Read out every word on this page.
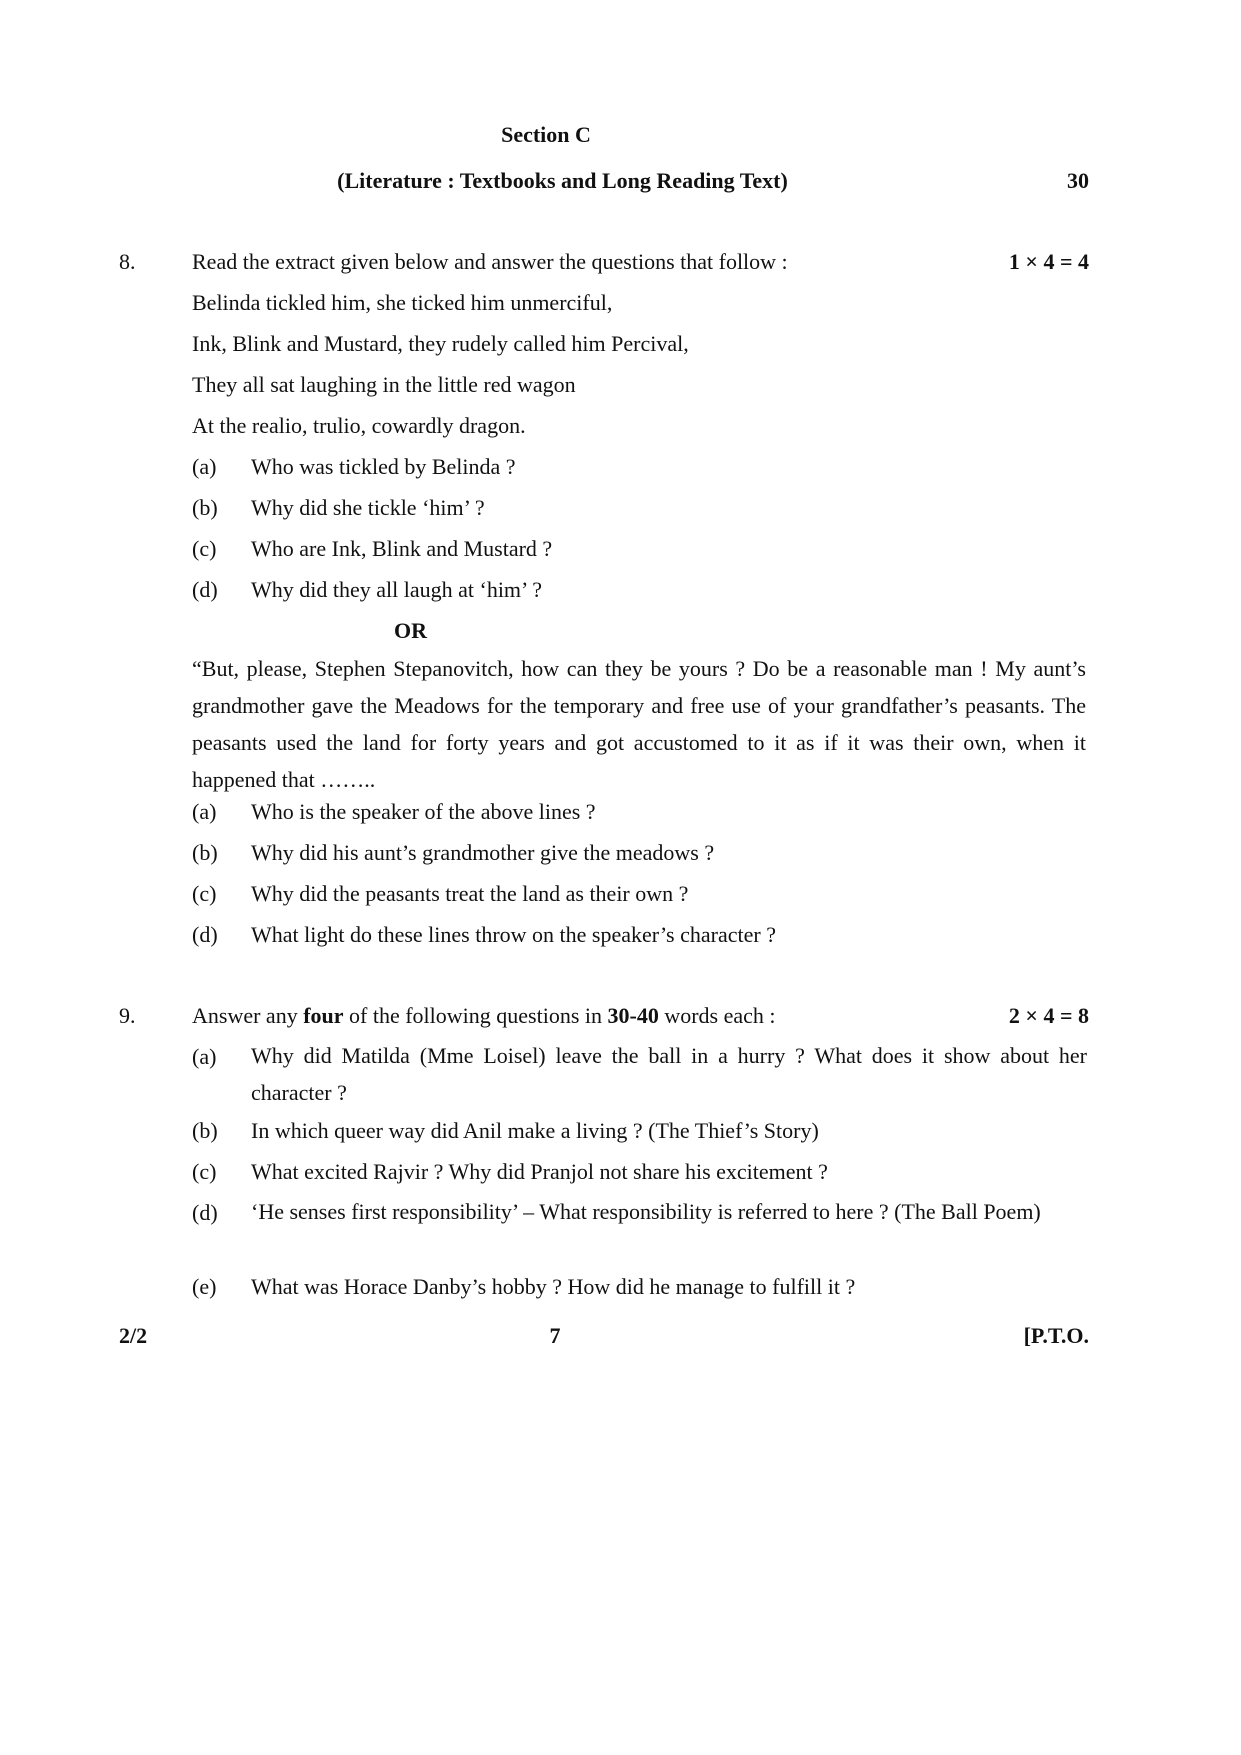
Section C
(Literature : Textbooks and Long Reading Text)	30
8.	Read the extract given below and answer the questions that follow :	1 × 4 = 4
Belinda tickled him, she ticked him unmerciful,
Ink, Blink and Mustard, they rudely called him Percival,
They all sat laughing in the little red wagon
At the realio, trulio, cowardly dragon.
(a) Who was tickled by Belinda ?
(b) Why did she tickle ‘him’ ?
(c) Who are Ink, Blink and Mustard ?
(d) Why did they all laugh at ‘him’ ?
OR
“But, please, Stephen Stepanovitch, how can they be yours ? Do be a reasonable man ! My aunt’s grandmother gave the Meadows for the temporary and free use of your grandfather’s peasants. The peasants used the land for forty years and got accustomed to it as if it was their own, when it happened that ……..
(a) Who is the speaker of the above lines ?
(b) Why did his aunt’s grandmother give the meadows ?
(c) Why did the peasants treat the land as their own ?
(d) What light do these lines throw on the speaker’s character ?
9.	Answer any four of the following questions in 30-40 words each :	2 × 4 = 8
(a) Why did Matilda (Mme Loisel) leave the ball in a hurry ? What does it show about her character ?
(b) In which queer way did Anil make a living ? (The Thief’s Story)
(c) What excited Rajvir ? Why did Pranjol not share his excitement ?
(d) ‘He senses first responsibility’ – What responsibility is referred to here ? (The Ball Poem)
(e) What was Horace Danby’s hobby ? How did he manage to fulfill it ?
2/2	7	[P.T.O.
